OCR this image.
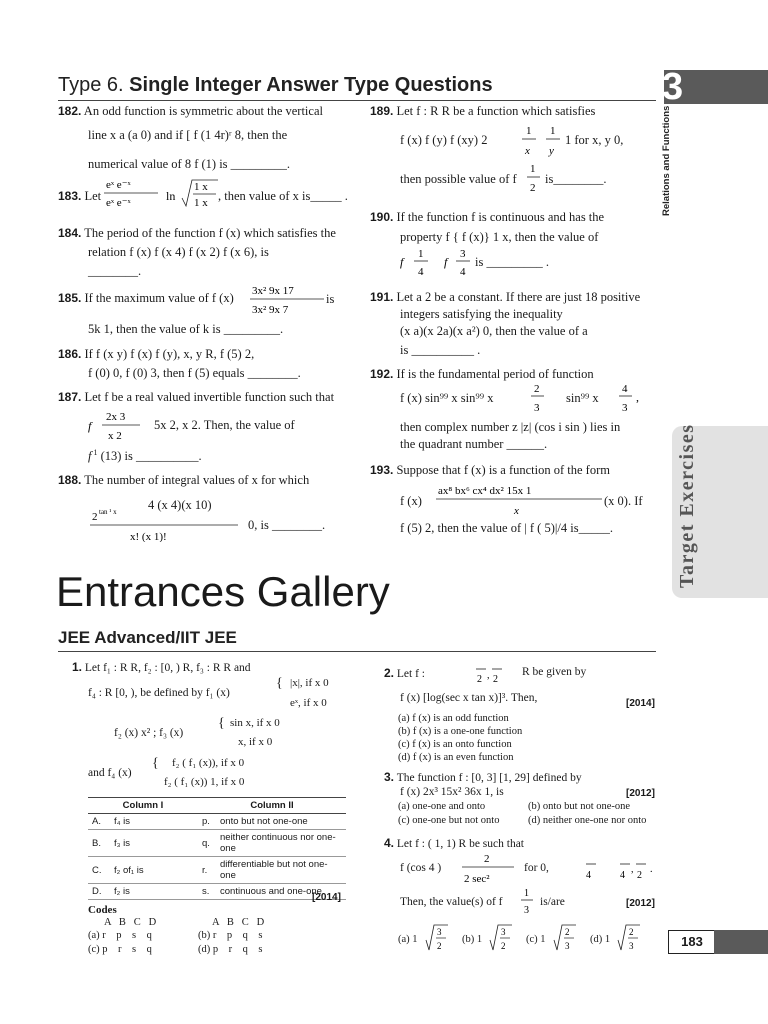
Type 6. Single Integer Answer Type Questions	3
Relations and Functions
Target Exercises
182. An odd function is symmetric about the vertical
line x a (a 0) and if [ f (1 4r)ʳ 8, then the
numerical value of 8 f (1) is _________.
183. Let
eˣ e⁻ˣ
eˣ e⁻ˣ	ln
1 x
1 x , then value of x is_____ .
184. The period of the function f (x) which satisfies the
relation f (x) f (x 4) f (x 2) f (x 6), is
________.
185. If the maximum value of f (x) 3x² 9x 17
3x² 9x 7
is
5k 1, then the value of k is _________.
186. If f (x y) f (x) f (y), x, y R, f (5) 2,
f (0) 0, f (0) 3, then f (5) equals ________.
187. Let f be a real valued invertible function such that
f
2x 3
x 2
5x 2, x 2. Then, the value of
f $^1$ (13) is __________.
188. The number of integral values of x for which
2 tan ¹ x
x! (x 1)!
4 (x 4)(x 10)
0, is ________.
189. Let f : R R be a function which satisfies
f (x) f (y) f (xy) 2
1
x
1
y
1 for x, y 0,
then possible value of f
1
2
is________.
190. If the function f is continuous and has the
property f { f (x)} 1 x, then the value of
f
1
4
f
3
4
is _________ .
191. Let a 2 be a constant. If there are just 18 positive
integers satisfying the inequality
(x a)(x 2a)(x a²) 0, then the value of a
is __________ .
192. If is the fundamental period of function
f (x) sin⁹⁹ x sin⁹⁹ x
2
3
sin⁹⁹ x
4
3
,
then complex number z |z| (cos i sin ) lies in
the quadrant number ______.
193. Suppose that f (x) is a function of the form
f (x)
ax⁸ bx⁶ cx⁴ dx² 15x 1
x
(x 0). If
f (5) 2, then the value of | f ( 5)|/4 is_____.
Entrances Gallery
JEE Advanced/IIT JEE
1. Let f₁ : R R, f₂ : [0, ) R, f₃ : R R and
f₄ : R [0, ), be defined by f₁ (x)
{ |x|, if x 0
eˣ, if x 0
f₂ (x) x² ; f₃ (x)
{ sin x, if x 0
x, if x 0
and f₄ (x)
{ f₂ ( f₁ (x)), if x 0
f₂ ( f₁ (x)) 1, if x 0
Column I		Column II	
A.	f₄ is	p.	onto but not one-one
B.	f₃ is	q.	neither continuous nor one-one
C.	f₂ of₁ is	r.	differentiable but not one-one
D.	f₂ is	s.	continuous and one-one
[2014]
Codes
A   B   C   D	A   B   C   D
(a) r    p    s    q	(b) r    p    q    s
(c) p    r    s    q	(d) p    r    q    s
2. Let f :	2 , 2
R be given by
f (x) [log(sec x tan x)]³. Then,	[2014]
(a) f (x) is an odd function
(b) f (x) is a one-one function
(c) f (x) is an onto function
(d) f (x) is an even function
3. The function f : [0, 3] [1, 29] defined by
f (x) 2x³ 15x² 36x 1, is	[2012]
(a) one-one and onto	(b) onto but not one-one
(c) one-one but not onto	(d) neither one-one nor onto
4. Let f : ( 1, 1) R be such that
f (cos 4 )
2
2 sec²
for 0,
4	4
,
2
.
Then, the value(s) of f
1
3
is/are	[2012]
(a) 1
3
2
(b) 1
3
2
(c) 1
2
3
(d) 1
2
3	183
